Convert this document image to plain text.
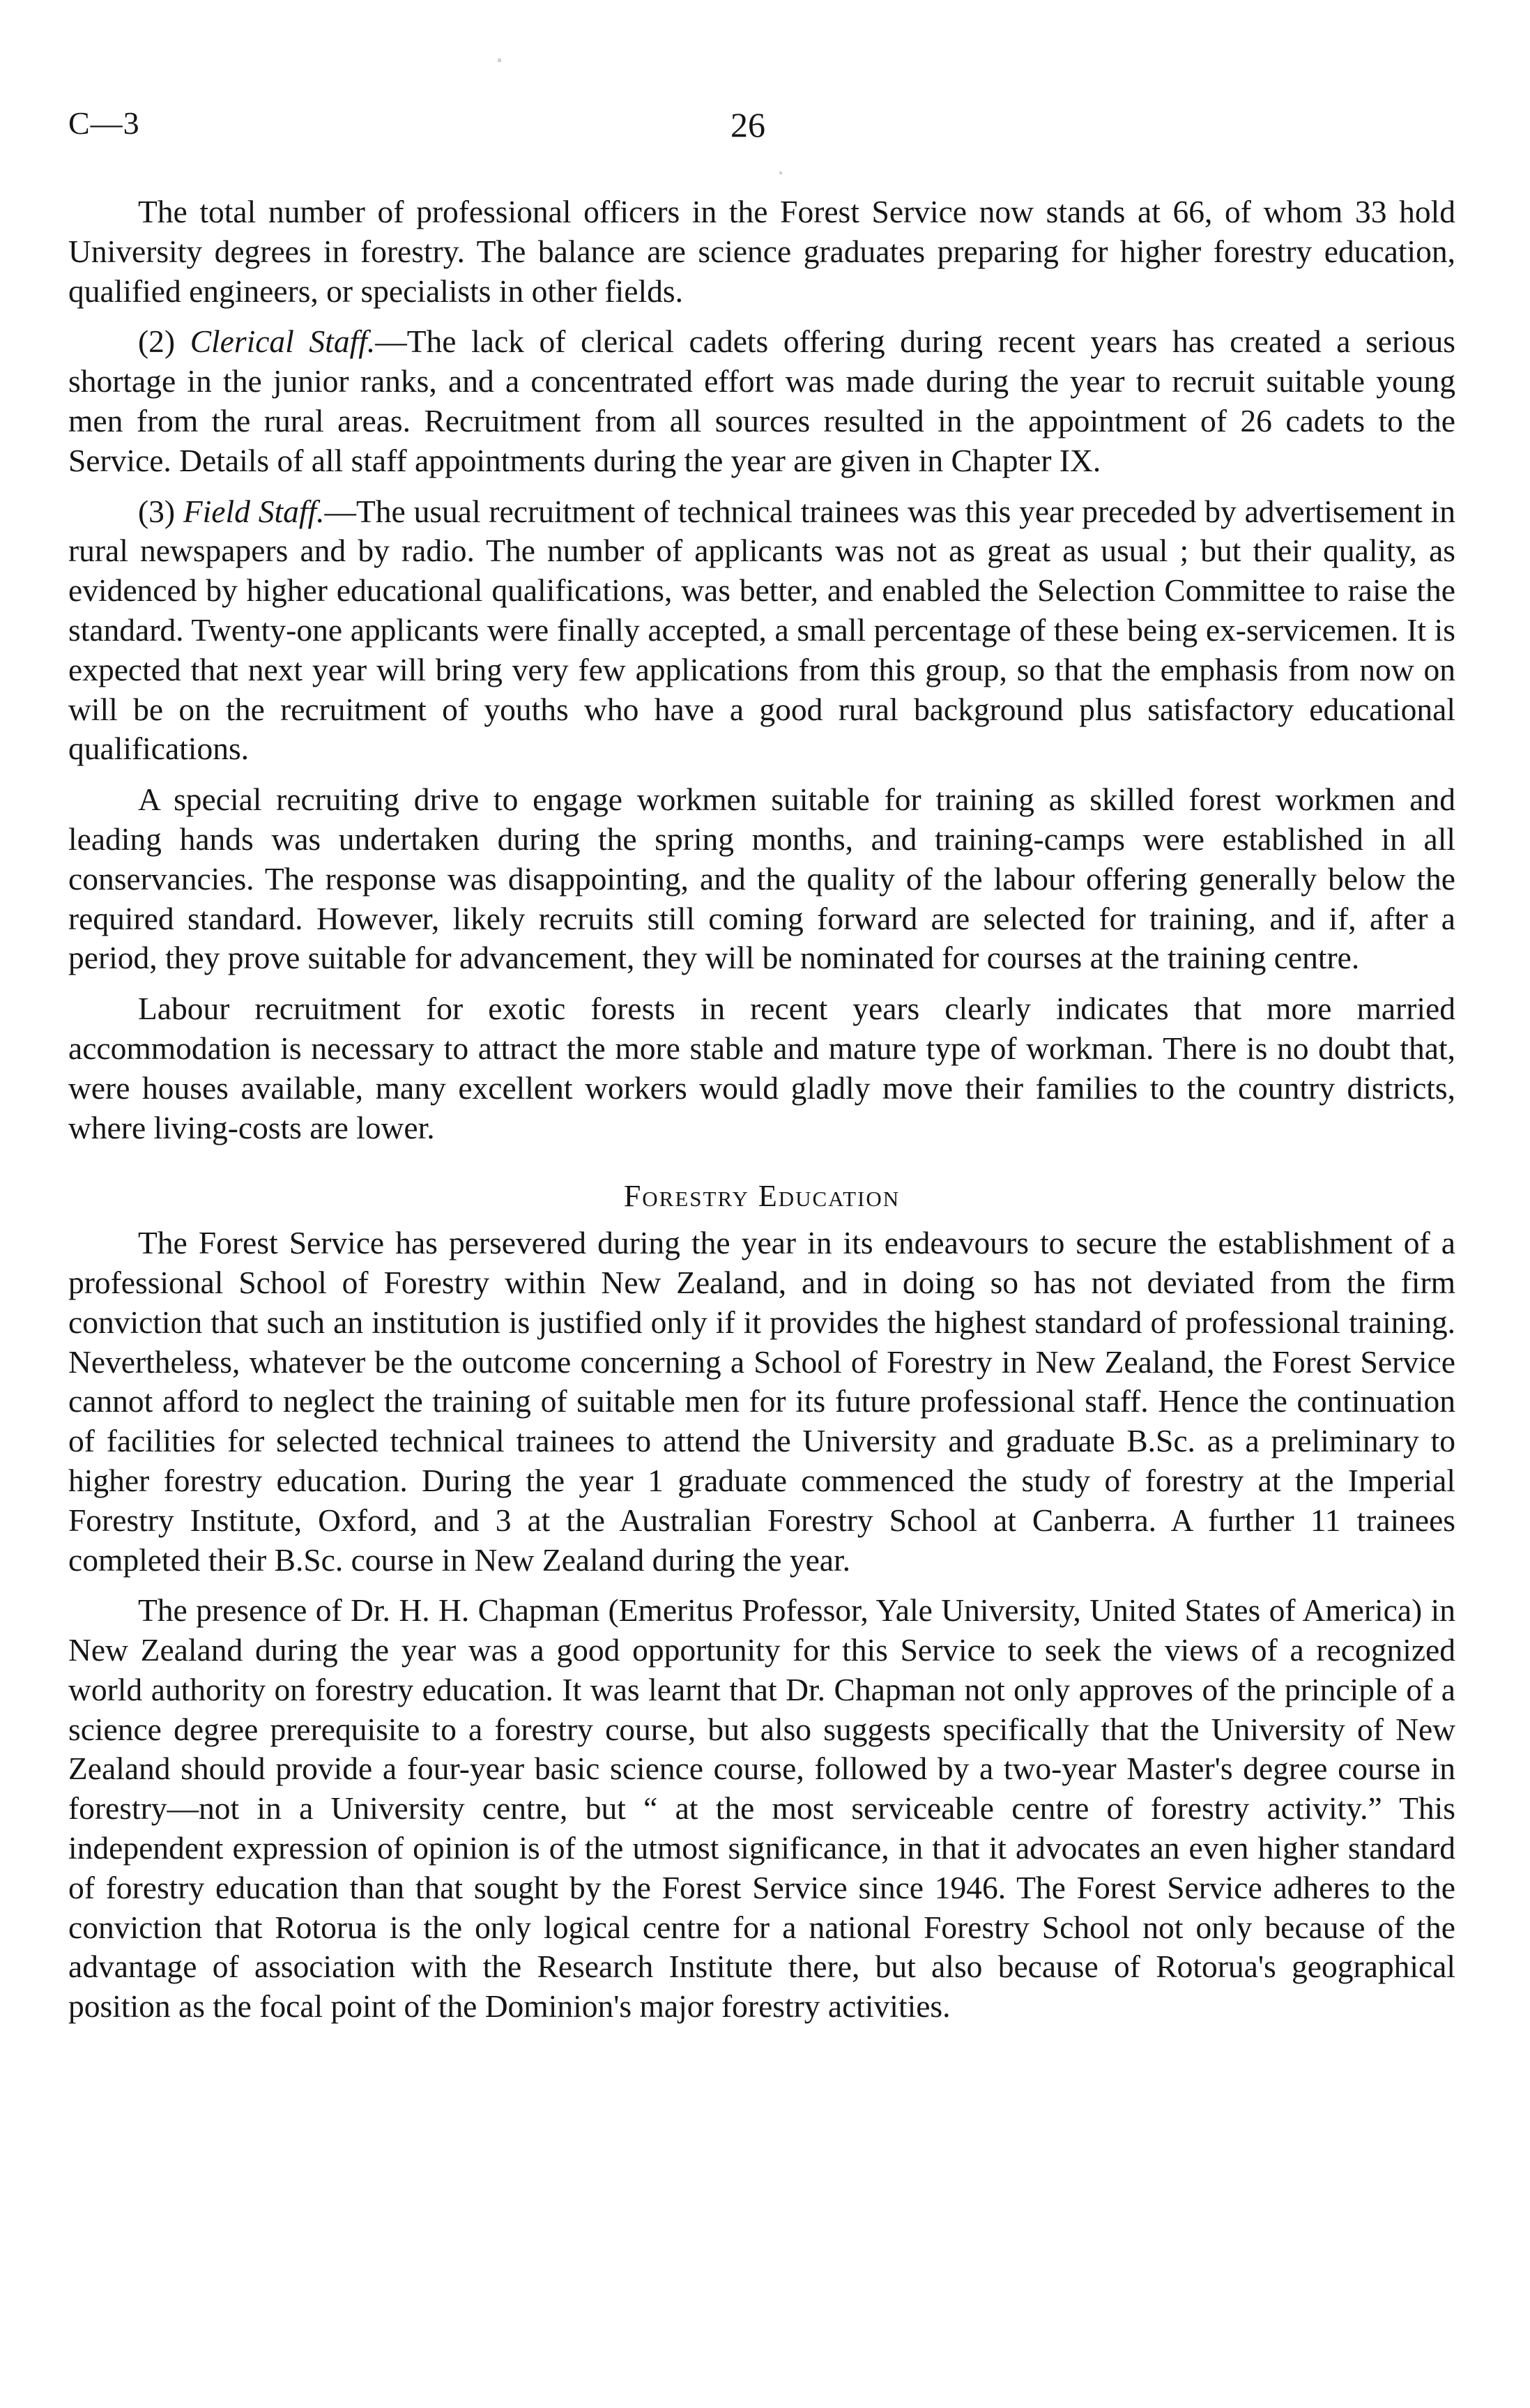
C—3	26

The total number of professional officers in the Forest Service now stands at 66, of whom 33 hold University degrees in forestry. The balance are science graduates preparing for higher forestry education, qualified engineers, or specialists in other fields.

(2) Clerical Staff.—The lack of clerical cadets offering during recent years has created a serious shortage in the junior ranks, and a concentrated effort was made during the year to recruit suitable young men from the rural areas. Recruitment from all sources resulted in the appointment of 26 cadets to the Service. Details of all staff appointments during the year are given in Chapter IX.

(3) Field Staff.—The usual recruitment of technical trainees was this year preceded by advertisement in rural newspapers and by radio. The number of applicants was not as great as usual ; but their quality, as evidenced by higher educational qualifications, was better, and enabled the Selection Committee to raise the standard. Twenty-one applicants were finally accepted, a small percentage of these being ex-servicemen. It is expected that next year will bring very few applications from this group, so that the emphasis from now on will be on the recruitment of youths who have a good rural background plus satisfactory educational qualifications.

A special recruiting drive to engage workmen suitable for training as skilled forest workmen and leading hands was undertaken during the spring months, and training-camps were established in all conservancies. The response was disappointing, and the quality of the labour offering generally below the required standard. However, likely recruits still coming forward are selected for training, and if, after a period, they prove suitable for advancement, they will be nominated for courses at the training centre.

Labour recruitment for exotic forests in recent years clearly indicates that more married accommodation is necessary to attract the more stable and mature type of workman. There is no doubt that, were houses available, many excellent workers would gladly move their families to the country districts, where living-costs are lower.

Forestry Education

The Forest Service has persevered during the year in its endeavours to secure the establishment of a professional School of Forestry within New Zealand, and in doing so has not deviated from the firm conviction that such an institution is justified only if it provides the highest standard of professional training. Nevertheless, whatever be the outcome concerning a School of Forestry in New Zealand, the Forest Service cannot afford to neglect the training of suitable men for its future professional staff. Hence the continuation of facilities for selected technical trainees to attend the University and graduate B.Sc. as a preliminary to higher forestry education. During the year 1 graduate commenced the study of forestry at the Imperial Forestry Institute, Oxford, and 3 at the Australian Forestry School at Canberra. A further 11 trainees completed their B.Sc. course in New Zealand during the year.

The presence of Dr. H. H. Chapman (Emeritus Professor, Yale University, United States of America) in New Zealand during the year was a good opportunity for this Service to seek the views of a recognized world authority on forestry education. It was learnt that Dr. Chapman not only approves of the principle of a science degree prerequisite to a forestry course, but also suggests specifically that the University of New Zealand should provide a four-year basic science course, followed by a two-year Master's degree course in forestry—not in a University centre, but “ at the most serviceable centre of forestry activity.” This independent expression of opinion is of the utmost significance, in that it advocates an even higher standard of forestry education than that sought by the Forest Service since 1946. The Forest Service adheres to the conviction that Rotorua is the only logical centre for a national Forestry School not only because of the advantage of association with the Research Institute there, but also because of Rotorua's geographical position as the focal point of the Dominion's major forestry activities.
